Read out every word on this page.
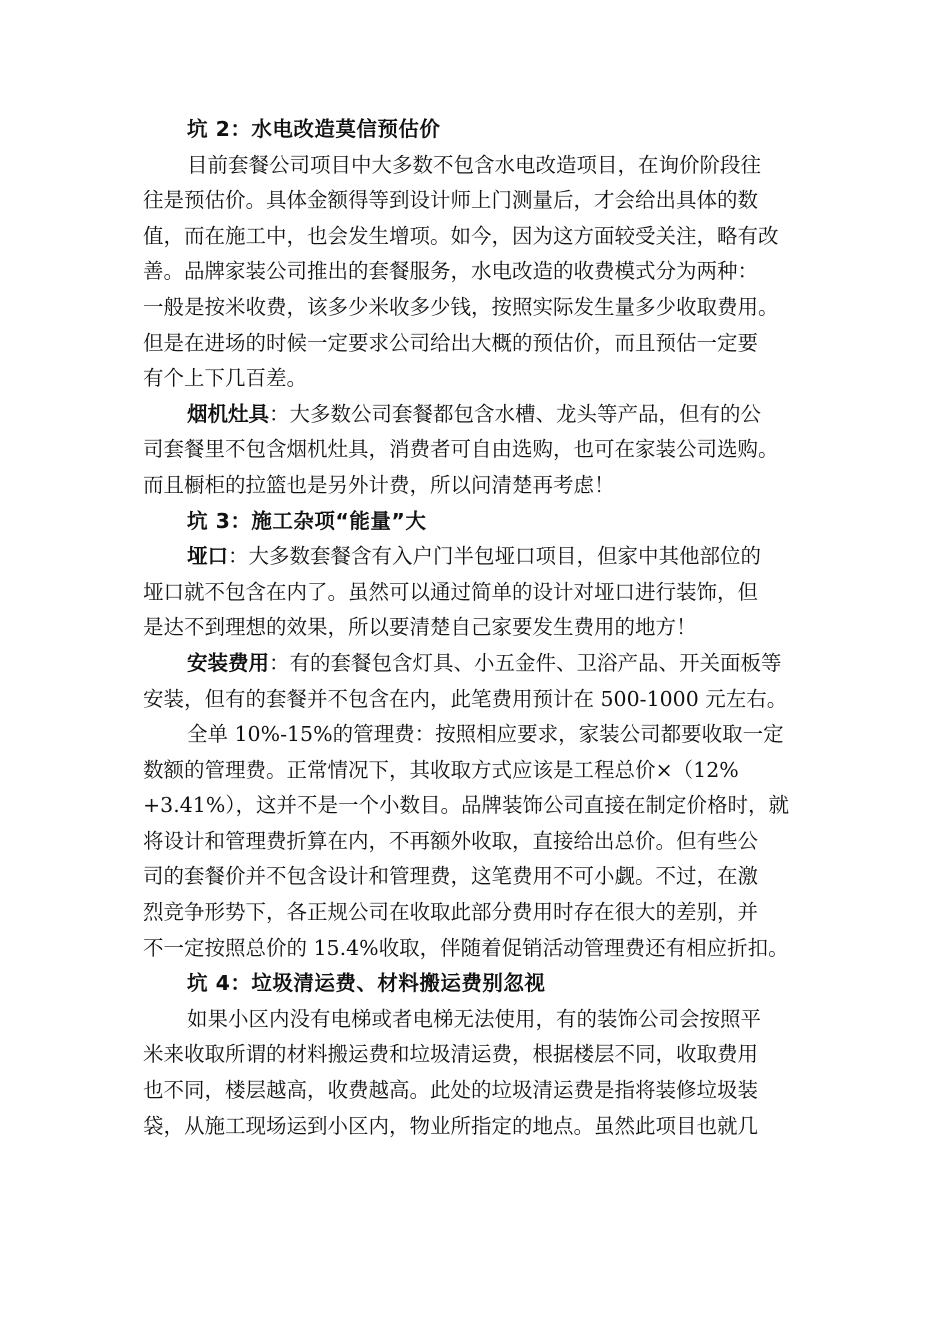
坑 2：水电改造莫信预估价
目前套餐公司项目中大多数不包含水电改造项目，在询价阶段往
往是预估价。具体金额得等到设计师上门测量后，才会给出具体的数
值，而在施工中，也会发生增项。如今，因为这方面较受关注，略有改
善。品牌家装公司推出的套餐服务，水电改造的收费模式分为两种：
一般是按米收费，该多少米收多少钱，按照实际发生量多少收取费用。
但是在进场的时候一定要求公司给出大概的预估价，而且预估一定要
有个上下几百差。
烟机灶具：大多数公司套餐都包含水槽、龙头等产品，但有的公
司套餐里不包含烟机灶具，消费者可自由选购，也可在家装公司选购。
而且橱柜的拉篮也是另外计费，所以问清楚再考虑！
坑 3：施工杂项“能量”大
垭口：大多数套餐含有入户门半包垭口项目，但家中其他部位的
垭口就不包含在内了。虽然可以通过简单的设计对垭口进行装饰，但
是达不到理想的效果，所以要清楚自己家要发生费用的地方！
安装费用：有的套餐包含灯具、小五金件、卫浴产品、开关面板等
安装，但有的套餐并不包含在内，此笔费用预计在 500-1000 元左右。
全单 10%-15%的管理费：按照相应要求，家装公司都要收取一定
数额的管理费。正常情况下，其收取方式应该是工程总价×（12%
+3.41%），这并不是一个小数目。品牌装饰公司直接在制定价格时，就
将设计和管理费折算在内，不再额外收取，直接给出总价。但有些公
司的套餐价并不包含设计和管理费，这笔费用不可小觑。不过，在激
烈竞争形势下，各正规公司在收取此部分费用时存在很大的差别，并
不一定按照总价的 15.4%收取，伴随着促销活动管理费还有相应折扣。
坑 4：垃圾清运费、材料搬运费别忽视
如果小区内没有电梯或者电梯无法使用，有的装饰公司会按照平
米来收取所谓的材料搬运费和垃圾清运费，根据楼层不同，收取费用
也不同，楼层越高，收费越高。此处的垃圾清运费是指将装修垃圾装
袋，从施工现场运到小区内，物业所指定的地点。虽然此项目也就几
